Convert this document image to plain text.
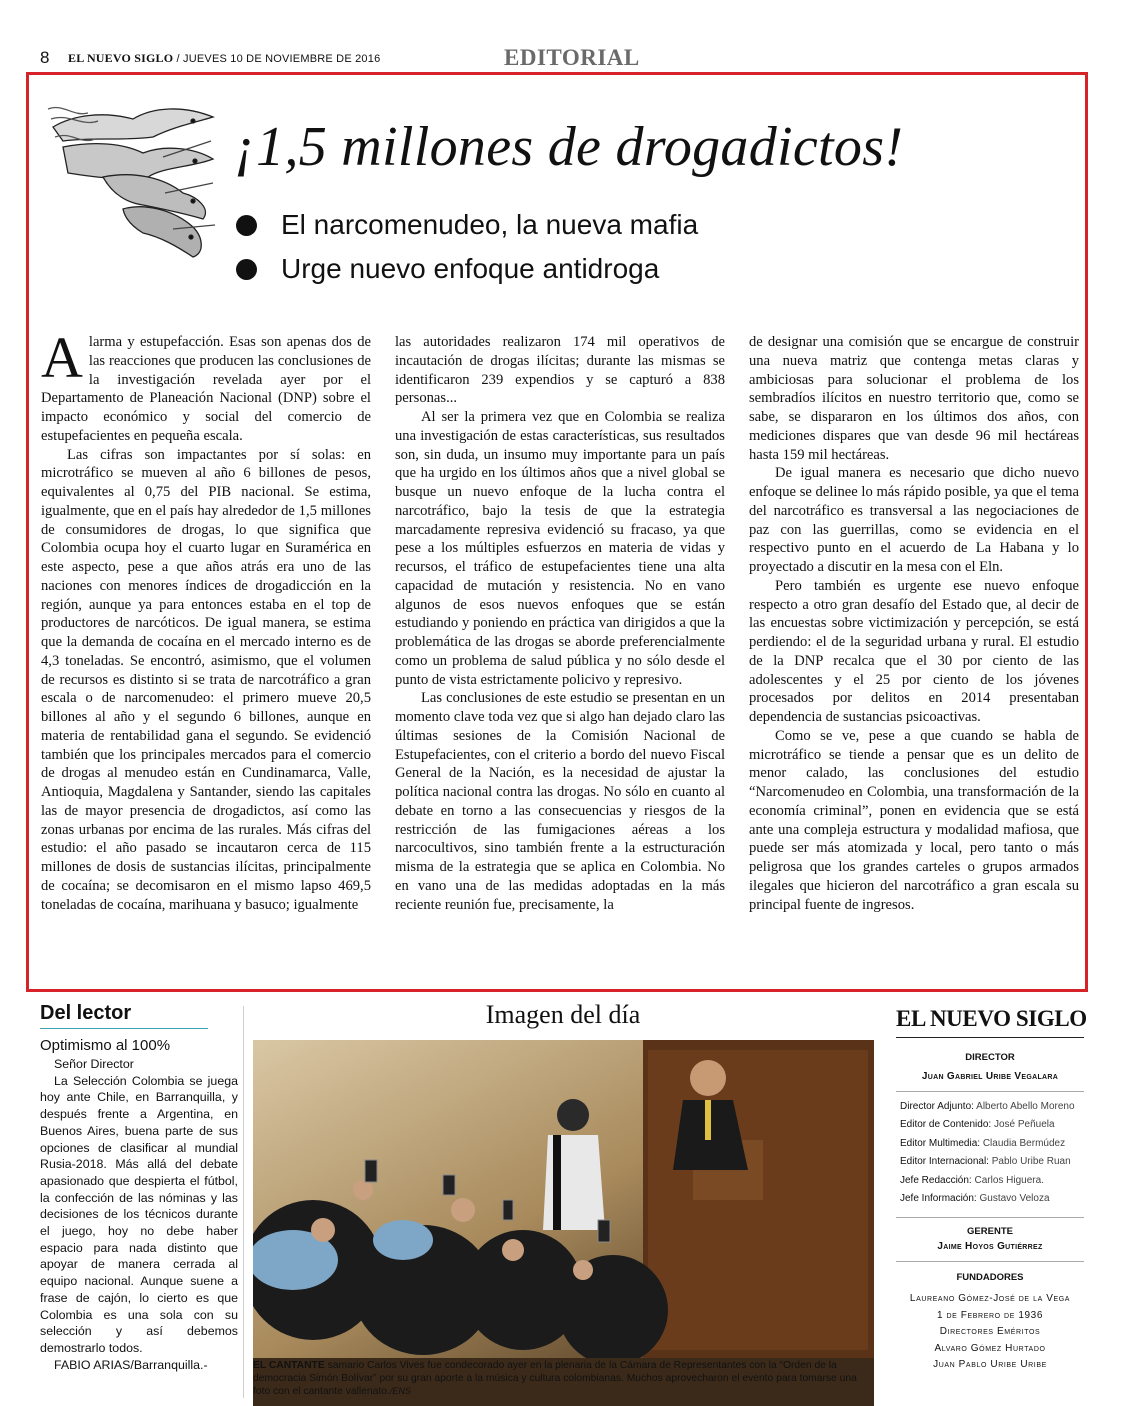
8 EL NUEVO SIGLO / JUEVES 10 DE NOVIEMBRE DE 2016	EDITORIAL
¡1,5 millones de drogadictos!
El narcomenudeo, la nueva mafia
Urge nuevo enfoque antidroga

Alarma y estupefacción. Esas son apenas dos de las reacciones que producen las conclusiones de la investigación revelada ayer por el Departamento de Planeación Nacional (DNP) sobre el impacto económico y social del comercio de estupefacientes en pequeña escala.

Las cifras son impactantes por sí solas: en microtráfico se mueven al año 6 billones de pesos, equivalentes al 0,75 del PIB nacional. Se estima, igualmente, que en el país hay alrededor de 1,5 millones de consumidores de drogas, lo que significa que Colombia ocupa hoy el cuarto lugar en Suramérica en este aspecto, pese a que años atrás era uno de las naciones con menores índices de drogadicción en la región, aunque ya para entonces estaba en el top de productores de narcóticos. De igual manera, se estima que la demanda de cocaína en el mercado interno es de 4,3 toneladas. Se encontró, asimismo, que el volumen de recursos es distinto si se trata de narcotráfico a gran escala o de narcomenudeo: el primero mueve 20,5 billones al año y el segundo 6 billones, aunque en materia de rentabilidad gana el segundo. Se evidenció también que los principales mercados para el comercio de drogas al menudeo están en Cundinamarca, Valle, Antioquia, Magdalena y Santander, siendo las capitales las de mayor presencia de drogadictos, así como las zonas urbanas por encima de las rurales. Más cifras del estudio: el año pasado se incautaron cerca de 115 millones de dosis de sustancias ilícitas, principalmente de cocaína; se decomisaron en el mismo lapso 469,5 toneladas de cocaína, marihuana y basuco; igualmente

las autoridades realizaron 174 mil operativos de incautación de drogas ilícitas; durante las mismas se identificaron 239 expendios y se capturó a 838 personas...

Al ser la primera vez que en Colombia se realiza una investigación de estas características, sus resultados son, sin duda, un insumo muy importante para un país que ha urgido en los últimos años que a nivel global se busque un nuevo enfoque de la lucha contra el narcotráfico, bajo la tesis de que la estrategia marcadamente represiva evidenció su fracaso, ya que pese a los múltiples esfuerzos en materia de vidas y recursos, el tráfico de estupefacientes tiene una alta capacidad de mutación y resistencia. No en vano algunos de esos nuevos enfoques que se están estudiando y poniendo en práctica van dirigidos a que la problemática de las drogas se aborde preferencialmente como un problema de salud pública y no sólo desde el punto de vista estrictamente policivo y represivo.

Las conclusiones de este estudio se presentan en un momento clave toda vez que si algo han dejado claro las últimas sesiones de la Comisión Nacional de Estupefacientes, con el criterio a bordo del nuevo Fiscal General de la Nación, es la necesidad de ajustar la política nacional contra las drogas. No sólo en cuanto al debate en torno a las consecuencias y riesgos de la restricción de las fumigaciones aéreas a los narcocultivos, sino también frente a la estructuración misma de la estrategia que se aplica en Colombia. No en vano una de las medidas adoptadas en la más reciente reunión fue, precisamente, la

de designar una comisión que se encargue de construir una nueva matriz que contenga metas claras y ambiciosas para solucionar el problema de los sembradíos ilícitos en nuestro territorio que, como se sabe, se dispararon en los últimos dos años, con mediciones dispares que van desde 96 mil hectáreas hasta 159 mil hectáreas.

De igual manera es necesario que dicho nuevo enfoque se delinee lo más rápido posible, ya que el tema del narcotráfico es transversal a las negociaciones de paz con las guerrillas, como se evidencia en el respectivo punto en el acuerdo de La Habana y lo proyectado a discutir en la mesa con el Eln.

Pero también es urgente ese nuevo enfoque respecto a otro gran desafío del Estado que, al decir de las encuestas sobre victimización y percepción, se está perdiendo: el de la seguridad urbana y rural. El estudio de la DNP recalca que el 30 por ciento de las adolescentes y el 25 por ciento de los jóvenes procesados por delitos en 2014 presentaban dependencia de sustancias psicoactivas.

Como se ve, pese a que cuando se habla de microtráfico se tiende a pensar que es un delito de menor calado, las conclusiones del estudio “Narcomenudeo en Colombia, una transformación de la economía criminal”, ponen en evidencia que se está ante una compleja estructura y modalidad mafiosa, que puede ser más atomizada y local, pero tanto o más peligrosa que los grandes carteles o grupos armados ilegales que hicieron del narcotráfico a gran escala su principal fuente de ingresos.

Del lector
Optimismo al 100%

Señor Director

La Selección Colombia se juega hoy ante Chile, en Barranquilla, y después frente a Argentina, en Buenos Aires, buena parte de sus opciones de clasificar al mundial Rusia-2018. Más allá del debate apasionado que despierta el fútbol, la confección de las nóminas y las decisiones de los técnicos durante el juego, hoy no debe haber espacio para nada distinto que apoyar de manera cerrada al equipo nacional. Aunque suene a frase de cajón, lo cierto es que Colombia es una sola con su selección y así debemos demostrarlo todos.

FABIO ARIAS/Barranquilla.-

Imagen del día
EL CANTANTE samario Carlos Vives fue condecorado ayer en la plenaria de la Cámara de Representantes con la “Orden de la democracia Simón Bolívar” por su gran aporte a la música y cultura colombianas. Muchos aprovecharon el evento para tomarse una foto con el cantante vallenato./ENS
EL NUEVO SIGLO
DIRECTOR
Juan Gabriel Uribe Vegalara
Director Adjunto: Alberto Abello Moreno
Editor de Contenido: José Peñuela
Editor Multimedia: Claudia Bermúdez
Editor Internacional: Pablo Uribe Ruan
Jefe Redacción: Carlos Higuera.
Jefe Información: Gustavo Veloza
GERENTE
Jaime Hoyos Gutiérrez
FUNDADORES
Laureano Gómez-José de la Vega
1 de Febrero de 1936
Directores Eméritos
Alvaro Gómez Hurtado
Juan Pablo Uribe Uribe
